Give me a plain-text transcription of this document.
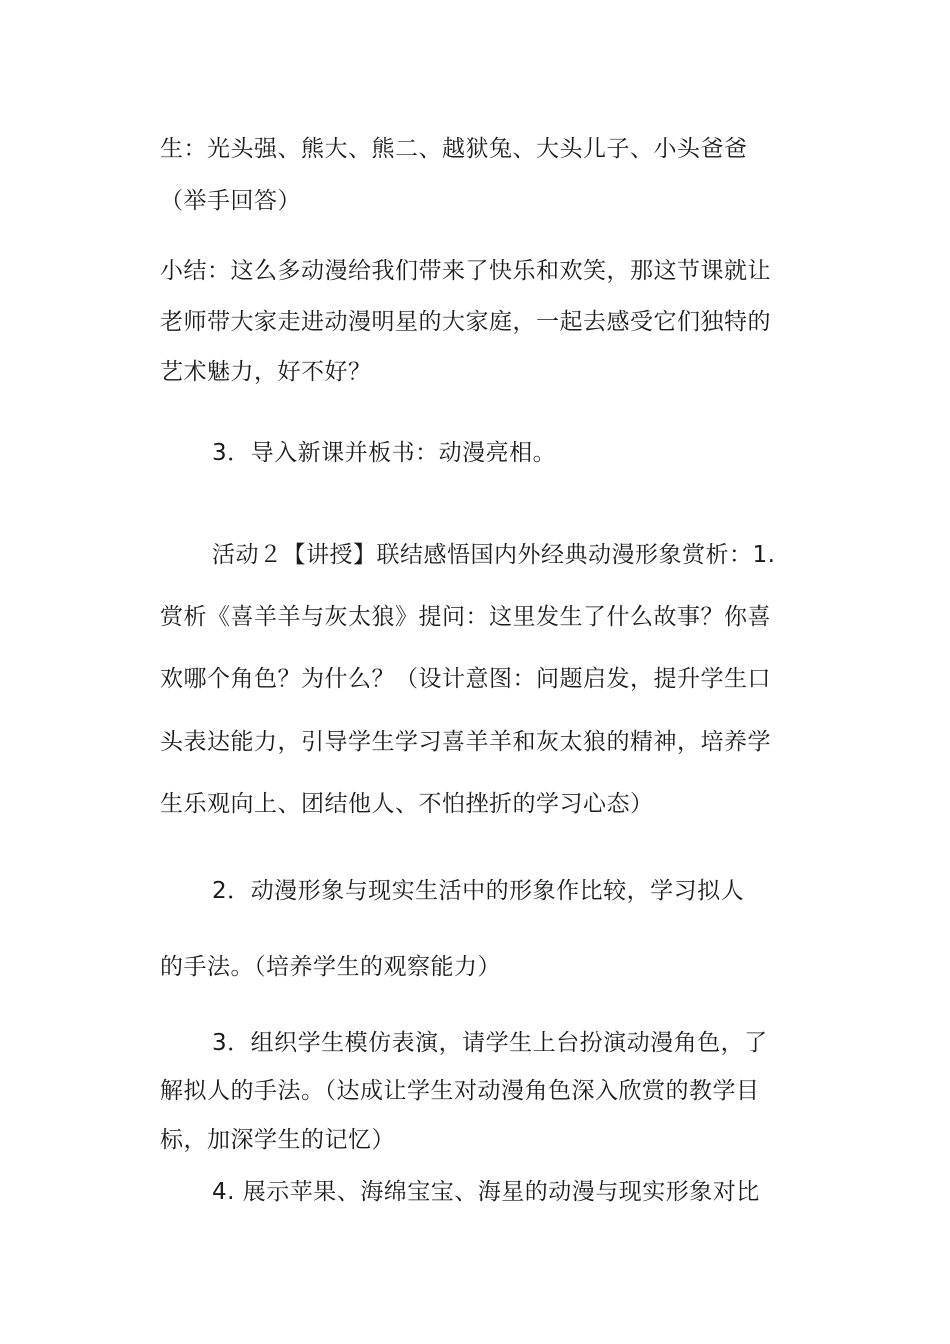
生：光头强、熊大、熊二、越狱兔、大头儿子、小头爸爸
（举手回答）
小结：这么多动漫给我们带来了快乐和欢笑，那这节课就让
老师带大家走进动漫明星的大家庭，一起去感受它们独特的
艺术魅力，好不好？
3．导入新课并板书：动漫亮相。
活动２【讲授】联结感悟国内外经典动漫形象赏析：1.
赏析《喜羊羊与灰太狼》提问：这里发生了什么故事？你喜
欢哪个角色？为什么？（设计意图：问题启发，提升学生口
头表达能力，引导学生学习喜羊羊和灰太狼的精神，培养学
生乐观向上、团结他人、不怕挫折的学习心态）
2．动漫形象与现实生活中的形象作比较，学习拟人
的手法。（培养学生的观察能力）
3．组织学生模仿表演，请学生上台扮演动漫角色，了
解拟人的手法。（达成让学生对动漫角色深入欣赏的教学目
标，加深学生的记忆）
4. 展示苹果、海绵宝宝、海星的动漫与现实形象对比
